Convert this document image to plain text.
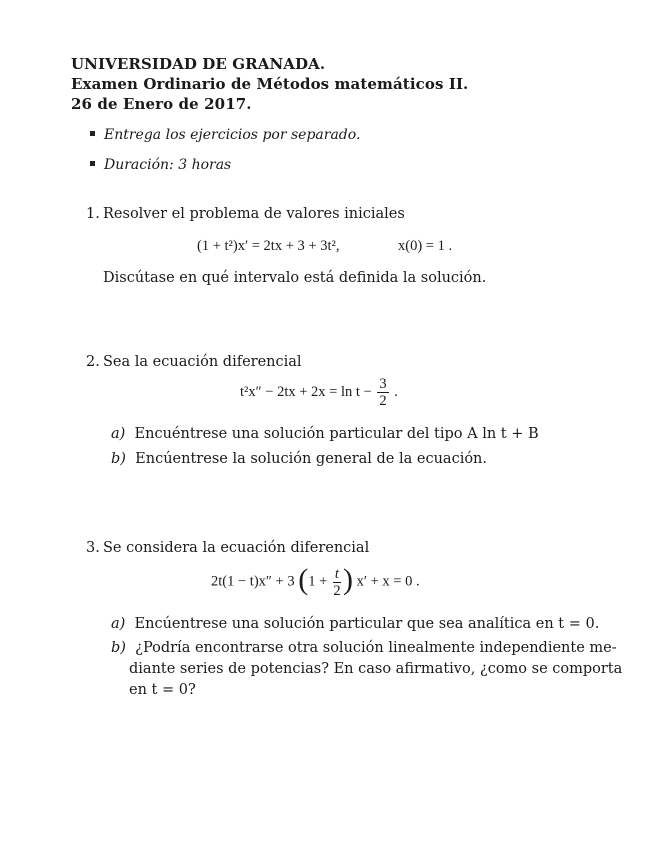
UNIVERSIDAD DE GRANADA.
Examen Ordinario de Métodos matemáticos II.
26 de Enero de 2017.
Entrega los ejercicios por separado.
Duración: 3 horas
1. Resolver el problema de valores iniciales
(1 + t²)x′ = 2tx + 3 + 3t²,	x(0) = 1 .
Discútase en qué intervalo está definida la solución.
2. Sea la ecuación diferencial
$t^2x'' - 2tx + 2x = \ln t - \frac{3}{2}$ .
a) Encuéntrese una solución particular del tipo A ln t + B
b) Encúentrese la solución general de la ecuación.
3. Se considera la ecuación diferencial
2t(1 − t)x″ + 3 ($1 + \frac{t}{2}$ ) x′ + x = 0 .
a) Encúentrese una solución particular que sea analítica en t = 0.
b) ¿Podría encontrarse otra solución linealmente independiente me-
diante series de potencias? En caso afirmativo, ¿como se comporta
en t = 0?
